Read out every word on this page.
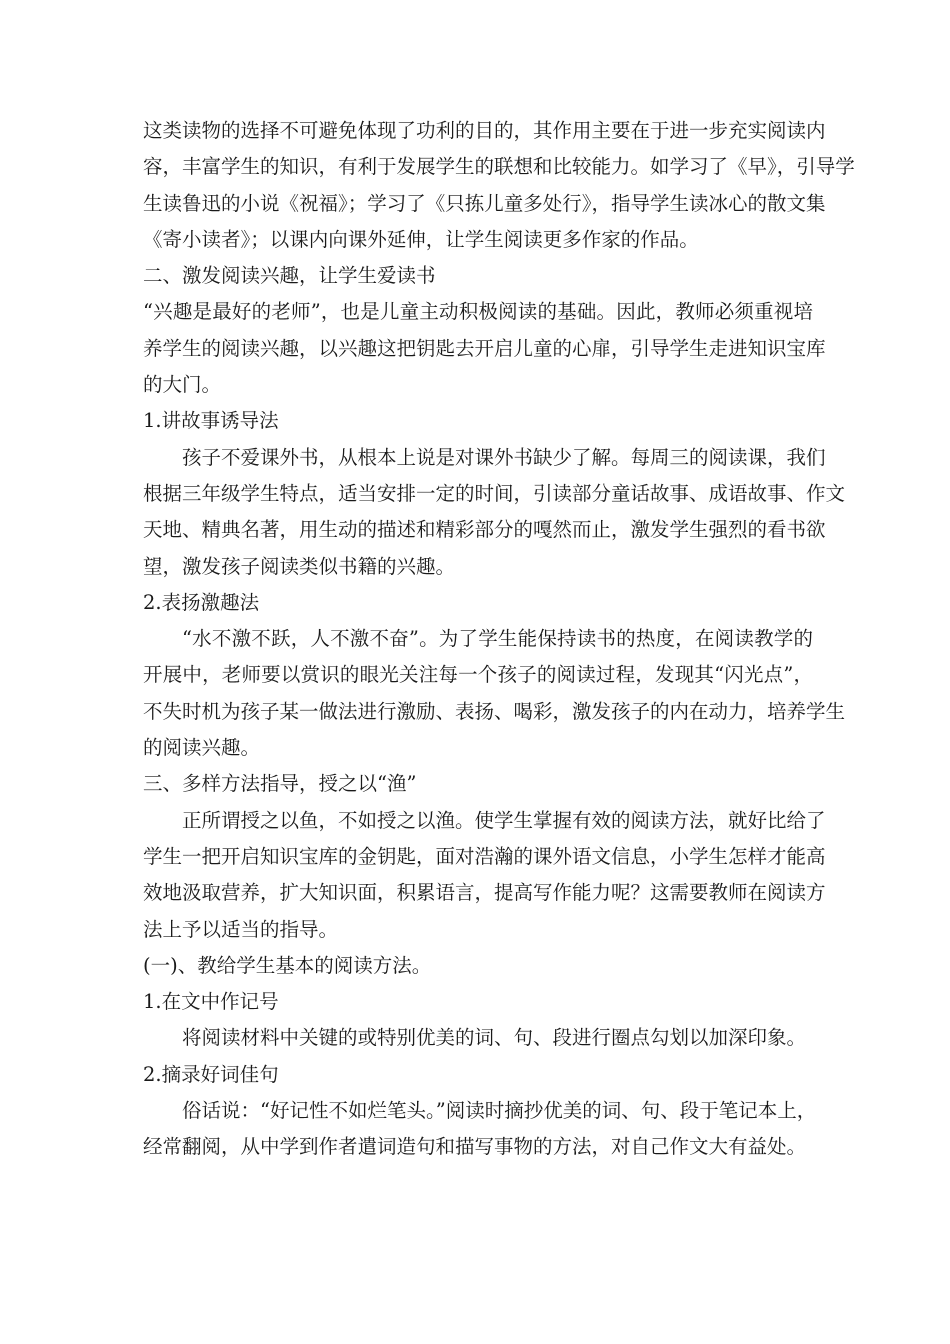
这类读物的选择不可避免体现了功利的目的，其作用主要在于进一步充实阅读内
容，丰富学生的知识，有利于发展学生的联想和比较能力。如学习了《早》，引导学
生读鲁迅的小说《祝福》；学习了《只拣儿童多处行》，指导学生读冰心的散文集
《寄小读者》；以课内向课外延伸，让学生阅读更多作家的作品。
二、激发阅读兴趣，让学生爱读书
“兴趣是最好的老师”，也是儿童主动积极阅读的基础。因此，教师必须重视培
养学生的阅读兴趣，以兴趣这把钥匙去开启儿童的心扉，引导学生走进知识宝库
的大门。
1.讲故事诱导法
孩子不爱课外书，从根本上说是对课外书缺少了解。每周三的阅读课，我们
根据三年级学生特点，适当安排一定的时间，引读部分童话故事、成语故事、作文
天地、精典名著，用生动的描述和精彩部分的嘎然而止，激发学生强烈的看书欲
望，激发孩子阅读类似书籍的兴趣。
2.表扬激趣法
“水不激不跃，人不激不奋”。为了学生能保持读书的热度，在阅读教学的
开展中，老师要以赏识的眼光关注每一个孩子的阅读过程，发现其“闪光点”，
不失时机为孩子某一做法进行激励、表扬、喝彩，激发孩子的内在动力，培养学生
的阅读兴趣。
三、多样方法指导，授之以“渔”
正所谓授之以鱼，不如授之以渔。使学生掌握有效的阅读方法，就好比给了
学生一把开启知识宝库的金钥匙，面对浩瀚的课外语文信息，小学生怎样才能高
效地汲取营养，扩大知识面，积累语言，提高写作能力呢？这需要教师在阅读方
法上予以适当的指导。
(一)、教给学生基本的阅读方法。
1.在文中作记号
将阅读材料中关键的或特别优美的词、句、段进行圈点勾划以加深印象。
2.摘录好词佳句
俗话说：“好记性不如烂笔头。”阅读时摘抄优美的词、句、段于笔记本上，
经常翻阅，从中学到作者遣词造句和描写事物的方法，对自己作文大有益处。
